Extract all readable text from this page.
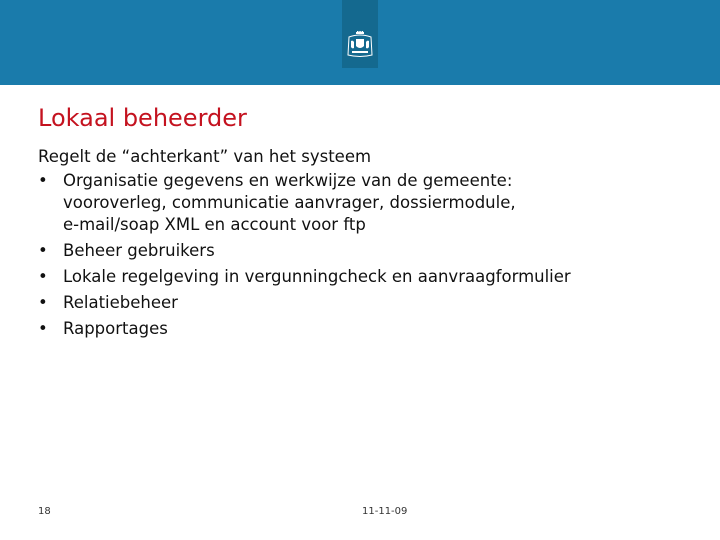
Lokaal beheerder
Regelt de “achterkant” van het systeem
• Organisatie gegevens en werkwijze van de gemeente:
vooroverleg, communicatie aanvrager, dossiermodule,
e-mail/soap XML en account voor ftp
• Beheer gebruikers
• Lokale regelgeving in vergunningcheck en aanvraagformulier
• Relatiebeheer
• Rapportages
18	11-11-09
